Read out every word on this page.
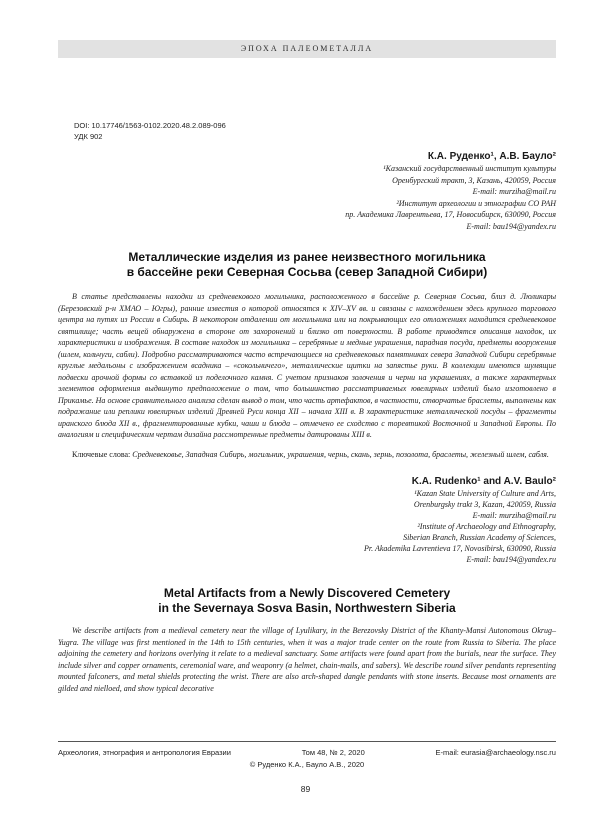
ЭПОХА ПАЛЕОМЕТАЛЛА
DOI: 10.17746/1563-0102.2020.48.2.089-096
УДК 902
К.А. Руденко¹, А.В. Бауло²
¹Казанский государственный институт культуры
Оренбургский тракт, 3, Казань, 420059, Россия
E-mail: murziha@mail.ru
²Институт археологии и этнографии СО РАН
пр. Академика Лаврентьева, 17, Новосибирск, 630090, Россия
E-mail: bau194@yandex.ru
Металлические изделия из ранее неизвестного могильника
в бассейне реки Северная Сосьва (север Западной Сибири)

В статье представлены находки из средневекового могильника, расположенного в бассейне р. Северная Сосьва, близ д. Люликары (Березовский р-н ХМАО – Югры), ранние известия о которой относятся к XIV–XV вв. и связаны с нахождением здесь крупного торгового центра на путях из России в Сибирь. В некотором отдалении от могильника или на покрывающих его отложениях находится средневековое святилище; часть вещей обнаружена в стороне от захоронений и близко от поверхности. В работе приводятся описания находок, их характеристики и изображения. В составе находок из могильника – серебряные и медные украшения, парадная посуда, предметы вооружения (шлем, кольчуги, сабли). Подробно рассматриваются часто встречающиеся на средневековых памятниках севера Западной Сибири серебряные круглые медальоны с изображением всадника – «сокольничего», металлические щитки на запястье руки. В коллекции имеются шумящие подвески арочной формы со вставкой из поделочного камня. С учетом признаков золочения и черни на украшениях, а также характерных элементов оформления выдвинуто предположение о том, что большинство рассматриваемых ювелирных изделий было изготовлено в Прикамье. На основе сравнительного анализа сделан вывод о том, что часть артефактов, в частности, створчатые браслеты, выполнены как подражание или реплики ювелирных изделий Древней Руси конца XII – начала XIII в. В характеристике металлической посуды – фрагменты иранского блюда XII в., фрагментированные кубки, чаши и блюда – отмечено ее сходство с торевтикой Восточной и Западной Европы. По аналогиям и специфическим чертам дизайна рассмотренные предметы датированы XIII в.

Ключевые слова: Средневековье, Западная Сибирь, могильник, украшения, чернь, скань, зернь, позолота, браслеты, железный шлем, сабля.

K.A. Rudenko¹ and A.V. Baulo²
¹Kazan State University of Culture and Arts,
Orenburgsky trakt 3, Kazan, 420059, Russia
E-mail: murziha@mail.ru
²Institute of Archaeology and Ethnography,
Siberian Branch, Russian Academy of Sciences,
Pr. Akademika Lavrentieva 17, Novosibirsk, 630090, Russia
E-mail: bau194@yandex.ru
Metal Artifacts from a Newly Discovered Cemetery
in the Severnaya Sosva Basin, Northwestern Siberia

We describe artifacts from a medieval cemetery near the village of Lyulikary, in the Berezovsky District of the Khanty-Mansi Autonomous Okrug–Yugra. The village was first mentioned in the 14th to 15th centuries, when it was a major trade center on the route from Russia to Siberia. The place adjoining the cemetery and horizons overlying it relate to a medieval sanctuary. Some artifacts were found apart from the burials, near the surface. They include silver and copper ornaments, ceremonial ware, and weaponry (a helmet, chain-mails, and sabers). We describe round silver pendants representing mounted falconers, and metal shields protecting the wrist. There are also arch-shaped dangle pendants with stone inserts. Because most ornaments are gilded and nielloed, and show typical decorative

Археология, этнография и антропология Евразии	Том 48, № 2, 2020	E-mail: eurasia@archaeology.nsc.ru
© Руденко К.А., Бауло А.В., 2020
89
